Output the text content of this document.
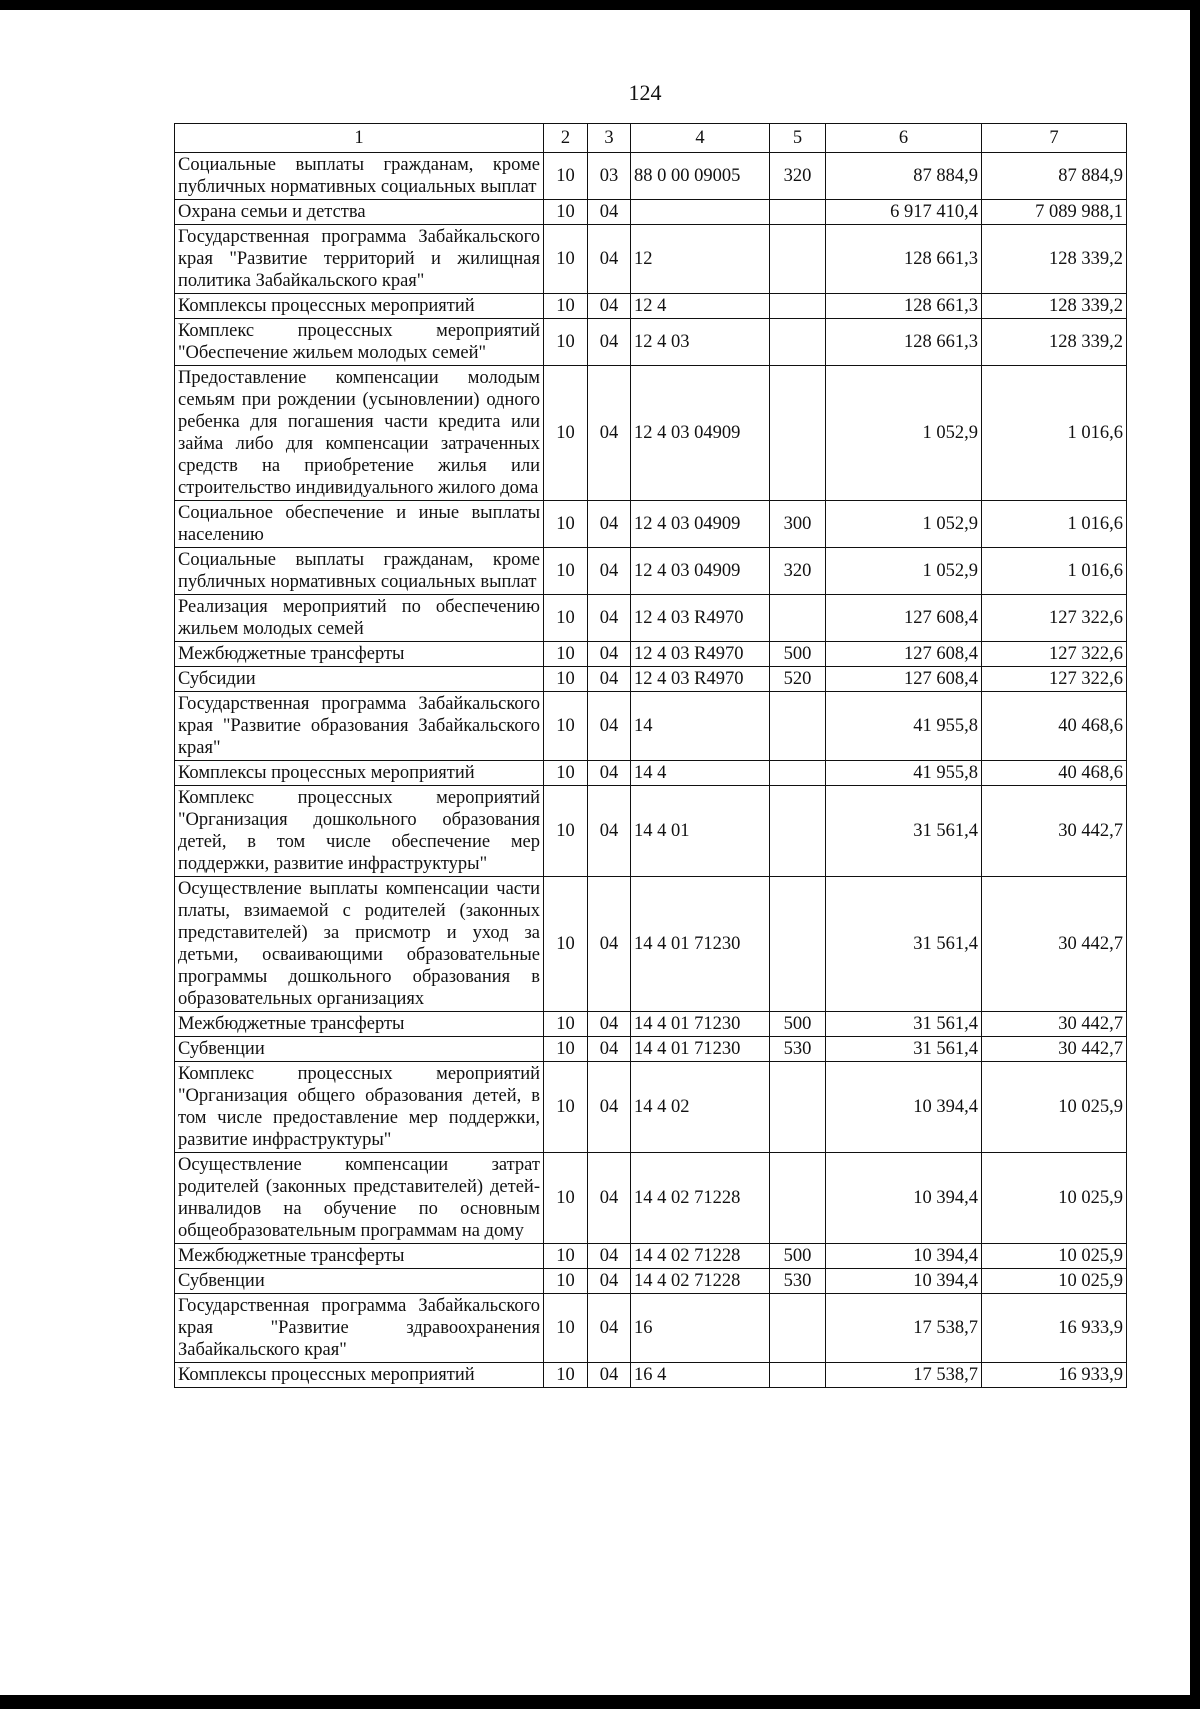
124
1	2	3	4	5	6	7
Социальные выплаты гражданам, кроме публичных нормативных социальных выплат	10	03	88 0 00 09005	320	87 884,9	87 884,9
Охрана семьи и детства	10	04			6 917 410,4	7 089 988,1
Государственная программа Забайкальского края "Развитие территорий и жилищная политика Забайкальского края"	10	04	12		128 661,3	128 339,2
Комплексы процессных мероприятий	10	04	12 4		128 661,3	128 339,2
Комплекс процессных мероприятий "Обеспечение жильем молодых семей"	10	04	12 4 03		128 661,3	128 339,2
Предоставление компенсации молодым семьям при рождении (усыновлении) одного ребенка для погашения части кредита или займа либо для компенсации затраченных средств на приобретение жилья или строительство индивидуального жилого дома	10	04	12 4 03 04909		1 052,9	1 016,6
Социальное обеспечение и иные выплаты населению	10	04	12 4 03 04909	300	1 052,9	1 016,6
Социальные выплаты гражданам, кроме публичных нормативных социальных выплат	10	04	12 4 03 04909	320	1 052,9	1 016,6
Реализация мероприятий по обеспечению жильем молодых семей	10	04	12 4 03 R4970		127 608,4	127 322,6
Межбюджетные трансферты	10	04	12 4 03 R4970	500	127 608,4	127 322,6
Субсидии	10	04	12 4 03 R4970	520	127 608,4	127 322,6
Государственная программа Забайкальского края "Развитие образования Забайкальского края"	10	04	14		41 955,8	40 468,6
Комплексы процессных мероприятий	10	04	14 4		41 955,8	40 468,6
Комплекс процессных мероприятий "Организация дошкольного образования детей, в том числе обеспечение мер поддержки, развитие инфраструктуры"	10	04	14 4 01		31 561,4	30 442,7
Осуществление выплаты компенсации части платы, взимаемой с родителей (законных представителей) за присмотр и уход за детьми, осваивающими образовательные программы дошкольного образования в образовательных организациях	10	04	14 4 01 71230		31 561,4	30 442,7
Межбюджетные трансферты	10	04	14 4 01 71230	500	31 561,4	30 442,7
Субвенции	10	04	14 4 01 71230	530	31 561,4	30 442,7
Комплекс процессных мероприятий "Организация общего образования детей, в том числе предоставление мер поддержки, развитие инфраструктуры"	10	04	14 4 02		10 394,4	10 025,9
Осуществление компенсации затрат родителей (законных представителей) детей-инвалидов на обучение по основным общеобразовательным программам на дому	10	04	14 4 02 71228		10 394,4	10 025,9
Межбюджетные трансферты	10	04	14 4 02 71228	500	10 394,4	10 025,9
Субвенции	10	04	14 4 02 71228	530	10 394,4	10 025,9
Государственная программа Забайкальского края "Развитие здравоохранения Забайкальского края"	10	04	16		17 538,7	16 933,9
Комплексы процессных мероприятий	10	04	16 4		17 538,7	16 933,9
